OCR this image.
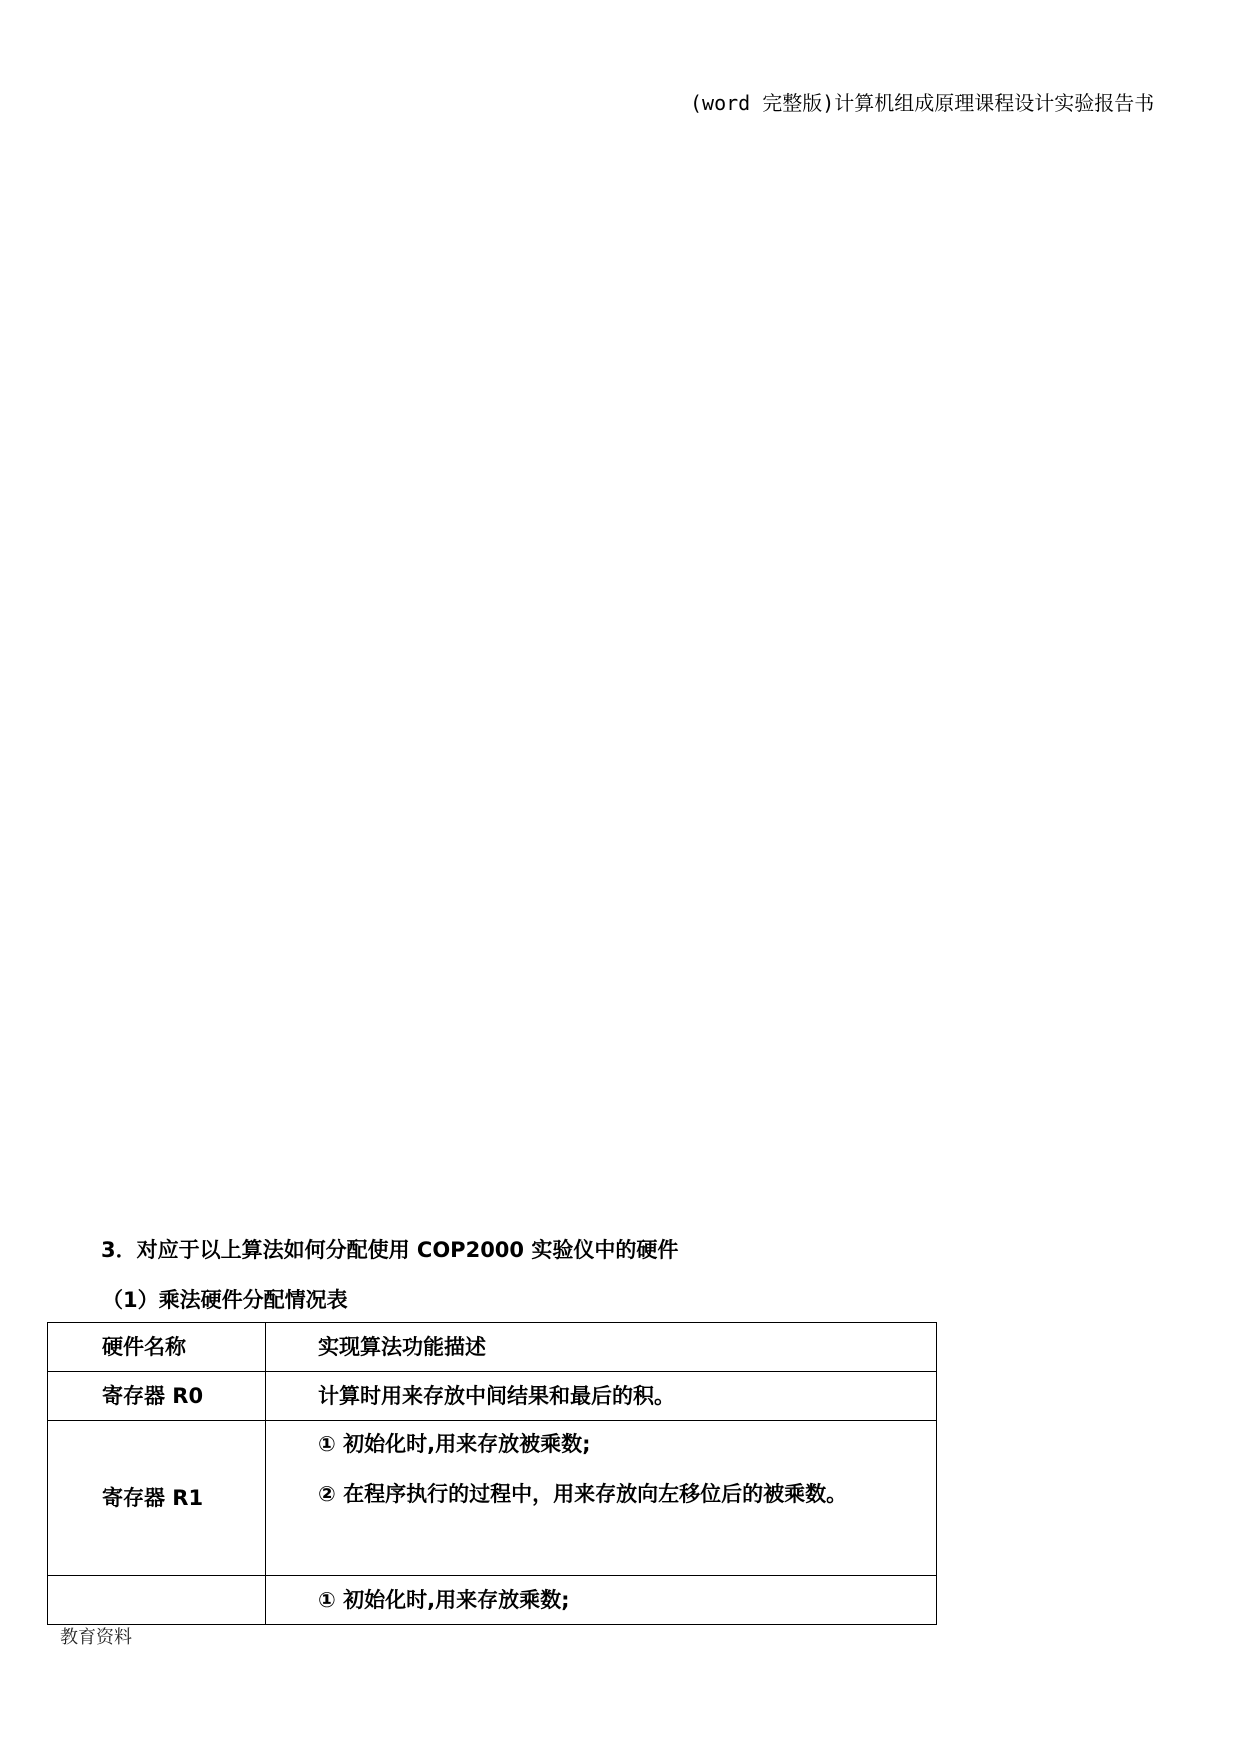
(word 完整版)计算机组成原理课程设计实验报告书
3．对应于以上算法如何分配使用 COP2000 实验仪中的硬件
（1）乘法硬件分配情况表
硬件名称	实现算法功能描述
寄存器 R0	计算时用来存放中间结果和最后的积。

寄存器 R1	① 初始化时,用来存放被乘数;
② 在程序执行的过程中，用来存放向左移位后的被乘数。

	① 初始化时,用来存放乘数;
教育资料
